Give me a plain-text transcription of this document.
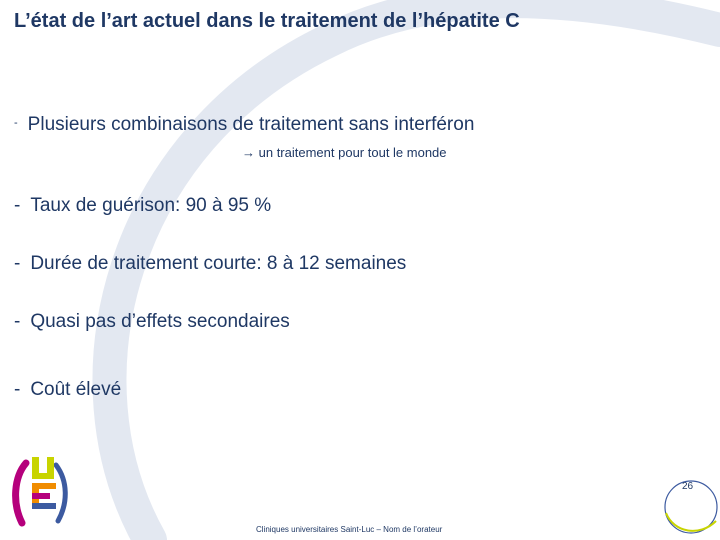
L’état de l’art actuel dans le traitement de l’hépatite C
- Plusieurs combinaisons de traitement sans interféron
→ un traitement pour tout le monde
- Taux de guérison: 90 à 95 %
- Durée de traitement courte: 8 à 12 semaines
- Quasi pas d’effets secondaires
- Coût élevé
Cliniques universitaires Saint-Luc – Nom de l’orateur
26
